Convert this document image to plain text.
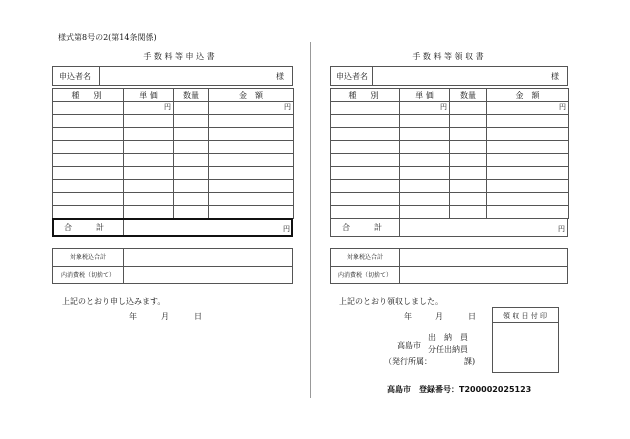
様式第8号の2(第14条関係)
手 数 料 等 申 込 書
申込者名	様
種　別	単 価	数量	金　額
	円		円

合　計	円
対象税込合計
内消費税（切捨て）
上記のとおり申し込みます。
年	月	日
手 数 料 等 領 収 書
申込者名	様
種　別	単 価	数量	金　額
	円		円

合　計	円
対象税込合計
内消費税（切捨て）
上記のとおり領収しました。
年	月	日	領 収 日 付 印
高島市
出　納　員
分任出納員
（発行所属：	課)
高島市　登録番号：T200002025123
